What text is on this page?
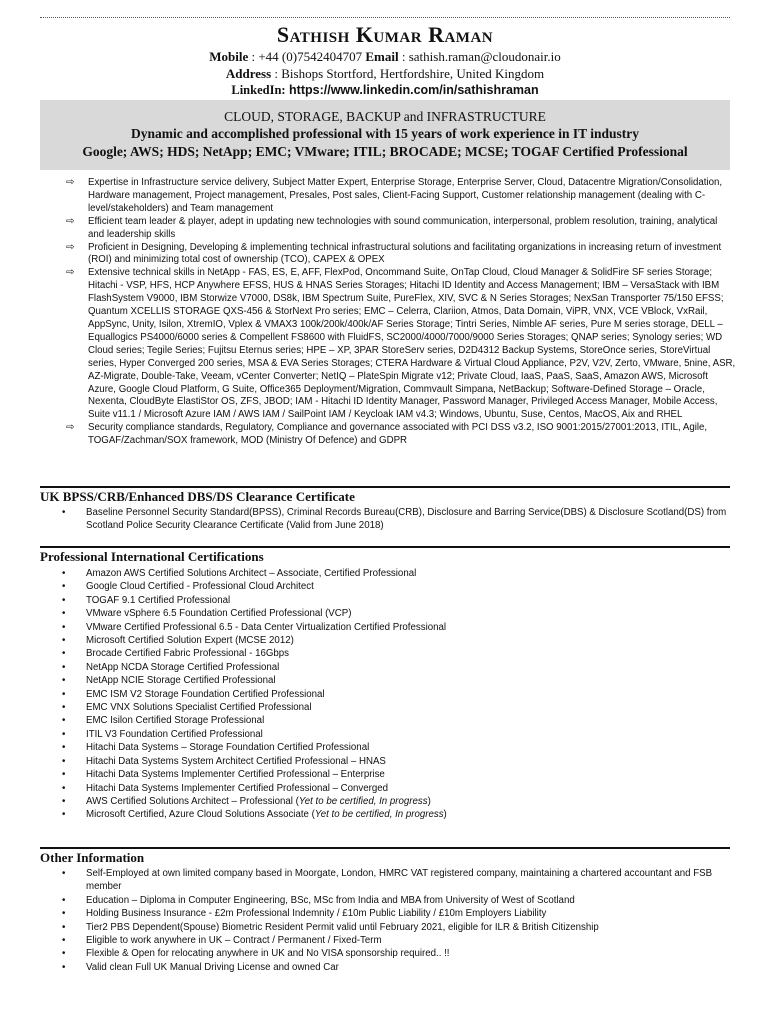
Sathish Kumar Raman
Mobile : +44 (0)7542404707 Email : sathish.raman@cloudonair.io
Address : Bishops Stortford, Hertfordshire, United Kingdom
LinkedIn: https://www.linkedin.com/in/sathishraman
CLOUD, STORAGE, BACKUP and INFRASTRUCTURE
Dynamic and accomplished professional with 15 years of work experience in IT industry
Google; AWS; HDS; NetApp; EMC; VMware; ITIL; BROCADE; MCSE; TOGAF Certified Professional
⇨ Expertise in Infrastructure service delivery, Subject Matter Expert, Enterprise Storage, Enterprise Server, Cloud, Datacentre Migration/Consolidation, Hardware management, Project management, Presales, Post sales, Client-Facing Support, Customer relationship management (dealing with C-level/stakeholders) and Team management
⇨ Efficient team leader & player, adept in updating new technologies with sound communication, interpersonal, problem resolution, training, analytical and leadership skills
⇨ Proficient in Designing, Developing & implementing technical infrastructural solutions and facilitating organizations in increasing return of investment (ROI) and minimizing total cost of ownership (TCO), CAPEX & OPEX
⇨ Extensive technical skills in NetApp - FAS, ES, E, AFF, FlexPod, Oncommand Suite, OnTap Cloud, Cloud Manager & SolidFire SF series Storage; Hitachi - VSP, HFS, HCP Anywhere EFSS, HUS & HNAS Series Storages; Hitachi ID Identity and Access Management; IBM – VersaStack with IBM FlashSystem V9000, IBM Storwize V7000, DS8k, IBM Spectrum Suite, PureFlex, XIV, SVC & N Series Storages; NexSan Transporter 75/150 EFSS; Quantum XCELLIS STORAGE QXS-456 & StorNext Pro series; EMC – Celerra, Clariion, Atmos, Data Domain, ViPR, VNX, VCE VBlock, VxRail, AppSync, Unity, Isilon, XtremIO, Vplex & VMAX3 100k/200k/400k/AF Series Storage; Tintri Series, Nimble AF series, Pure M series storage, DELL – Equallogics PS4000/6000 series & Compellent FS8600 with FluidFS, SC2000/4000/7000/9000 Series Storages; QNAP series; Synology series; WD Cloud series; Tegile Series; Fujitsu Eternus series; HPE – XP, 3PAR StoreServ series, D2D4312 Backup Systems, StoreOnce series, StoreVirtual series, Hyper Converged 200 series, MSA & EVA Series Storages; CTERA Hardware & Virtual Cloud Appliance, P2V, V2V, Zerto, VMware, 5nine, ASR, AZ-Migrate, Double-Take, Veeam, vCenter Converter; NetIQ – PlateSpin Migrate v12; Private Cloud, IaaS, PaaS, SaaS, Amazon AWS, Microsoft Azure, Google Cloud Platform, G Suite, Office365 Deployment/Migration, Commvault Simpana, NetBackup; Software-Defined Storage – Oracle, Nexenta, CloudByte ElastiStor OS, ZFS, JBOD; IAM - Hitachi ID Identity Manager, Password Manager, Privileged Access Manager, Mobile Access, Suite v11.1 / Microsoft Azure IAM / AWS IAM / SailPoint IAM / Keycloak IAM v4.3; Windows, Ubuntu, Suse, Centos, MacOS, Aix and RHEL
⇨ Security compliance standards, Regulatory, Compliance and governance associated with PCI DSS v3.2, ISO 9001:2015/27001:2013, ITIL, Agile, TOGAF/Zachman/SOX framework, MOD (Ministry Of Defence) and GDPR
UK BPSS/CRB/Enhanced DBS/DS Clearance Certificate
• Baseline Personnel Security Standard(BPSS), Criminal Records Bureau(CRB), Disclosure and Barring Service(DBS) & Disclosure Scotland(DS) from Scotland Police Security Clearance Certificate (Valid from June 2018)
Professional International Certifications
• Amazon AWS Certified Solutions Architect – Associate, Certified Professional
• Google Cloud Certified - Professional Cloud Architect
• TOGAF 9.1 Certified Professional
• VMware vSphere 6.5 Foundation Certified Professional (VCP)
• VMware Certified Professional 6.5 - Data Center Virtualization Certified Professional
• Microsoft Certified Solution Expert (MCSE 2012)
• Brocade Certified Fabric Professional - 16Gbps
• NetApp NCDA Storage Certified Professional
• NetApp NCIE Storage Certified Professional
• EMC ISM V2 Storage Foundation Certified Professional
• EMC VNX Solutions Specialist Certified Professional
• EMC Isilon Certified Storage Professional
• ITIL V3 Foundation Certified Professional
• Hitachi Data Systems – Storage Foundation Certified Professional
• Hitachi Data Systems System Architect Certified Professional – HNAS
• Hitachi Data Systems Implementer Certified Professional – Enterprise
• Hitachi Data Systems Implementer Certified Professional – Converged
• AWS Certified Solutions Architect – Professional (Yet to be certified, In progress)
• Microsoft Certified, Azure Cloud Solutions Associate (Yet to be certified, In progress)
Other Information
• Self-Employed at own limited company based in Moorgate, London, HMRC VAT registered company, maintaining a chartered accountant and FSB member
• Education – Diploma in Computer Engineering, BSc, MSc from India and MBA from University of West of Scotland
• Holding Business Insurance - £2m Professional Indemnity / £10m Public Liability / £10m Employers Liability
• Tier2 PBS Dependent(Spouse) Biometric Resident Permit valid until February 2021, eligible for ILR & British Citizenship
• Eligible to work anywhere in UK – Contract / Permanent / Fixed-Term
• Flexible & Open for relocating anywhere in UK and No VISA sponsorship required.. !!
• Valid clean Full UK Manual Driving License and owned Car
